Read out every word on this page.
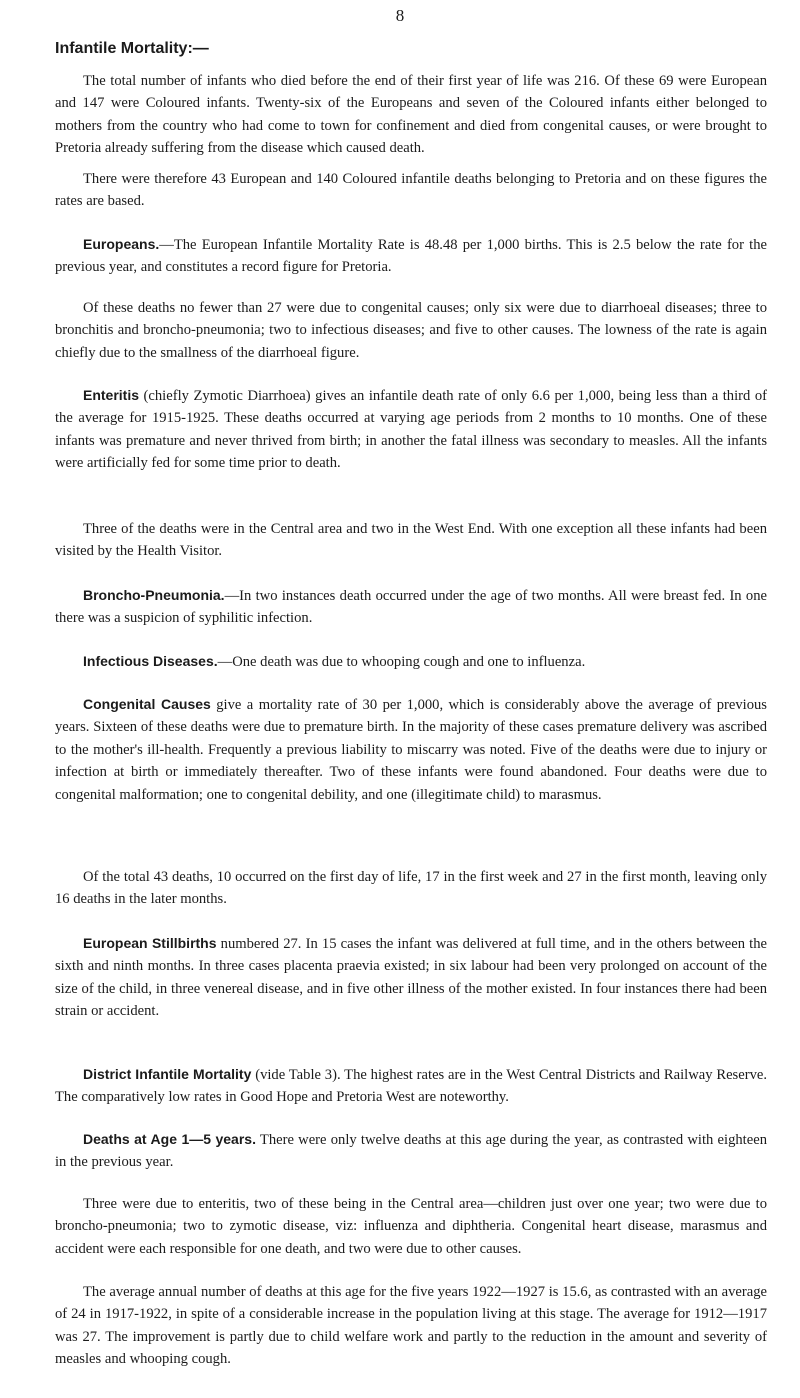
8
Infantile Mortality:—

The total number of infants who died before the end of their first year of life was 216. Of these 69 were European and 147 were Coloured infants. Twenty-six of the Europeans and seven of the Coloured infants either belonged to mothers from the country who had come to town for confinement and died from congenital causes, or were brought to Pretoria already suffering from the disease which caused death.

There were therefore 43 European and 140 Coloured infantile deaths belonging to Pretoria and on these figures the rates are based.

Europeans.—The European Infantile Mortality Rate is 48.48 per 1,000 births. This is 2.5 below the rate for the previous year, and constitutes a record figure for Pretoria.

Of these deaths no fewer than 27 were due to congenital causes; only six were due to diarrhoeal diseases; three to bronchitis and broncho-pneumonia; two to infectious diseases; and five to other causes. The lowness of the rate is again chiefly due to the smallness of the diarrhoeal figure.

Enteritis (chiefly Zymotic Diarrhoea) gives an infantile death rate of only 6.6 per 1,000, being less than a third of the average for 1915-1925. These deaths occurred at varying age periods from 2 months to 10 months. One of these infants was premature and never thrived from birth; in another the fatal illness was secondary to measles. All the infants were artificially fed for some time prior to death.

Three of the deaths were in the Central area and two in the West End. With one exception all these infants had been visited by the Health Visitor.

Broncho-Pneumonia.—In two instances death occurred under the age of two months. All were breast fed. In one there was a suspicion of syphilitic infection.

Infectious Diseases.—One death was due to whooping cough and one to influenza.

Congenital Causes give a mortality rate of 30 per 1,000, which is considerably above the average of previous years. Sixteen of these deaths were due to premature birth. In the majority of these cases premature delivery was ascribed to the mother's ill-health. Frequently a previous liability to miscarry was noted. Five of the deaths were due to injury or infection at birth or immediately thereafter. Two of these infants were found abandoned. Four deaths were due to congenital malformation; one to congenital debility, and one (illegitimate child) to marasmus.

Of the total 43 deaths, 10 occurred on the first day of life, 17 in the first week and 27 in the first month, leaving only 16 deaths in the later months.

European Stillbirths numbered 27. In 15 cases the infant was delivered at full time, and in the others between the sixth and ninth months. In three cases placenta praevia existed; in six labour had been very prolonged on account of the size of the child, in three venereal disease, and in five other illness of the mother existed. In four instances there had been strain or accident.

District Infantile Mortality (vide Table 3). The highest rates are in the West Central Districts and Railway Reserve. The comparatively low rates in Good Hope and Pretoria West are noteworthy.

Deaths at Age 1—5 years. There were only twelve deaths at this age during the year, as contrasted with eighteen in the previous year.

Three were due to enteritis, two of these being in the Central area—children just over one year; two were due to broncho-pneumonia; two to zymotic disease, viz: influenza and diphtheria. Congenital heart disease, marasmus and accident were each responsible for one death, and two were due to other causes.

The average annual number of deaths at this age for the five years 1922—1927 is 15.6, as contrasted with an average of 24 in 1917-1922, in spite of a considerable increase in the population living at this stage. The average for 1912—1917 was 27. The improvement is partly due to child welfare work and partly to the reduction in the amount and severity of measles and whooping cough.
